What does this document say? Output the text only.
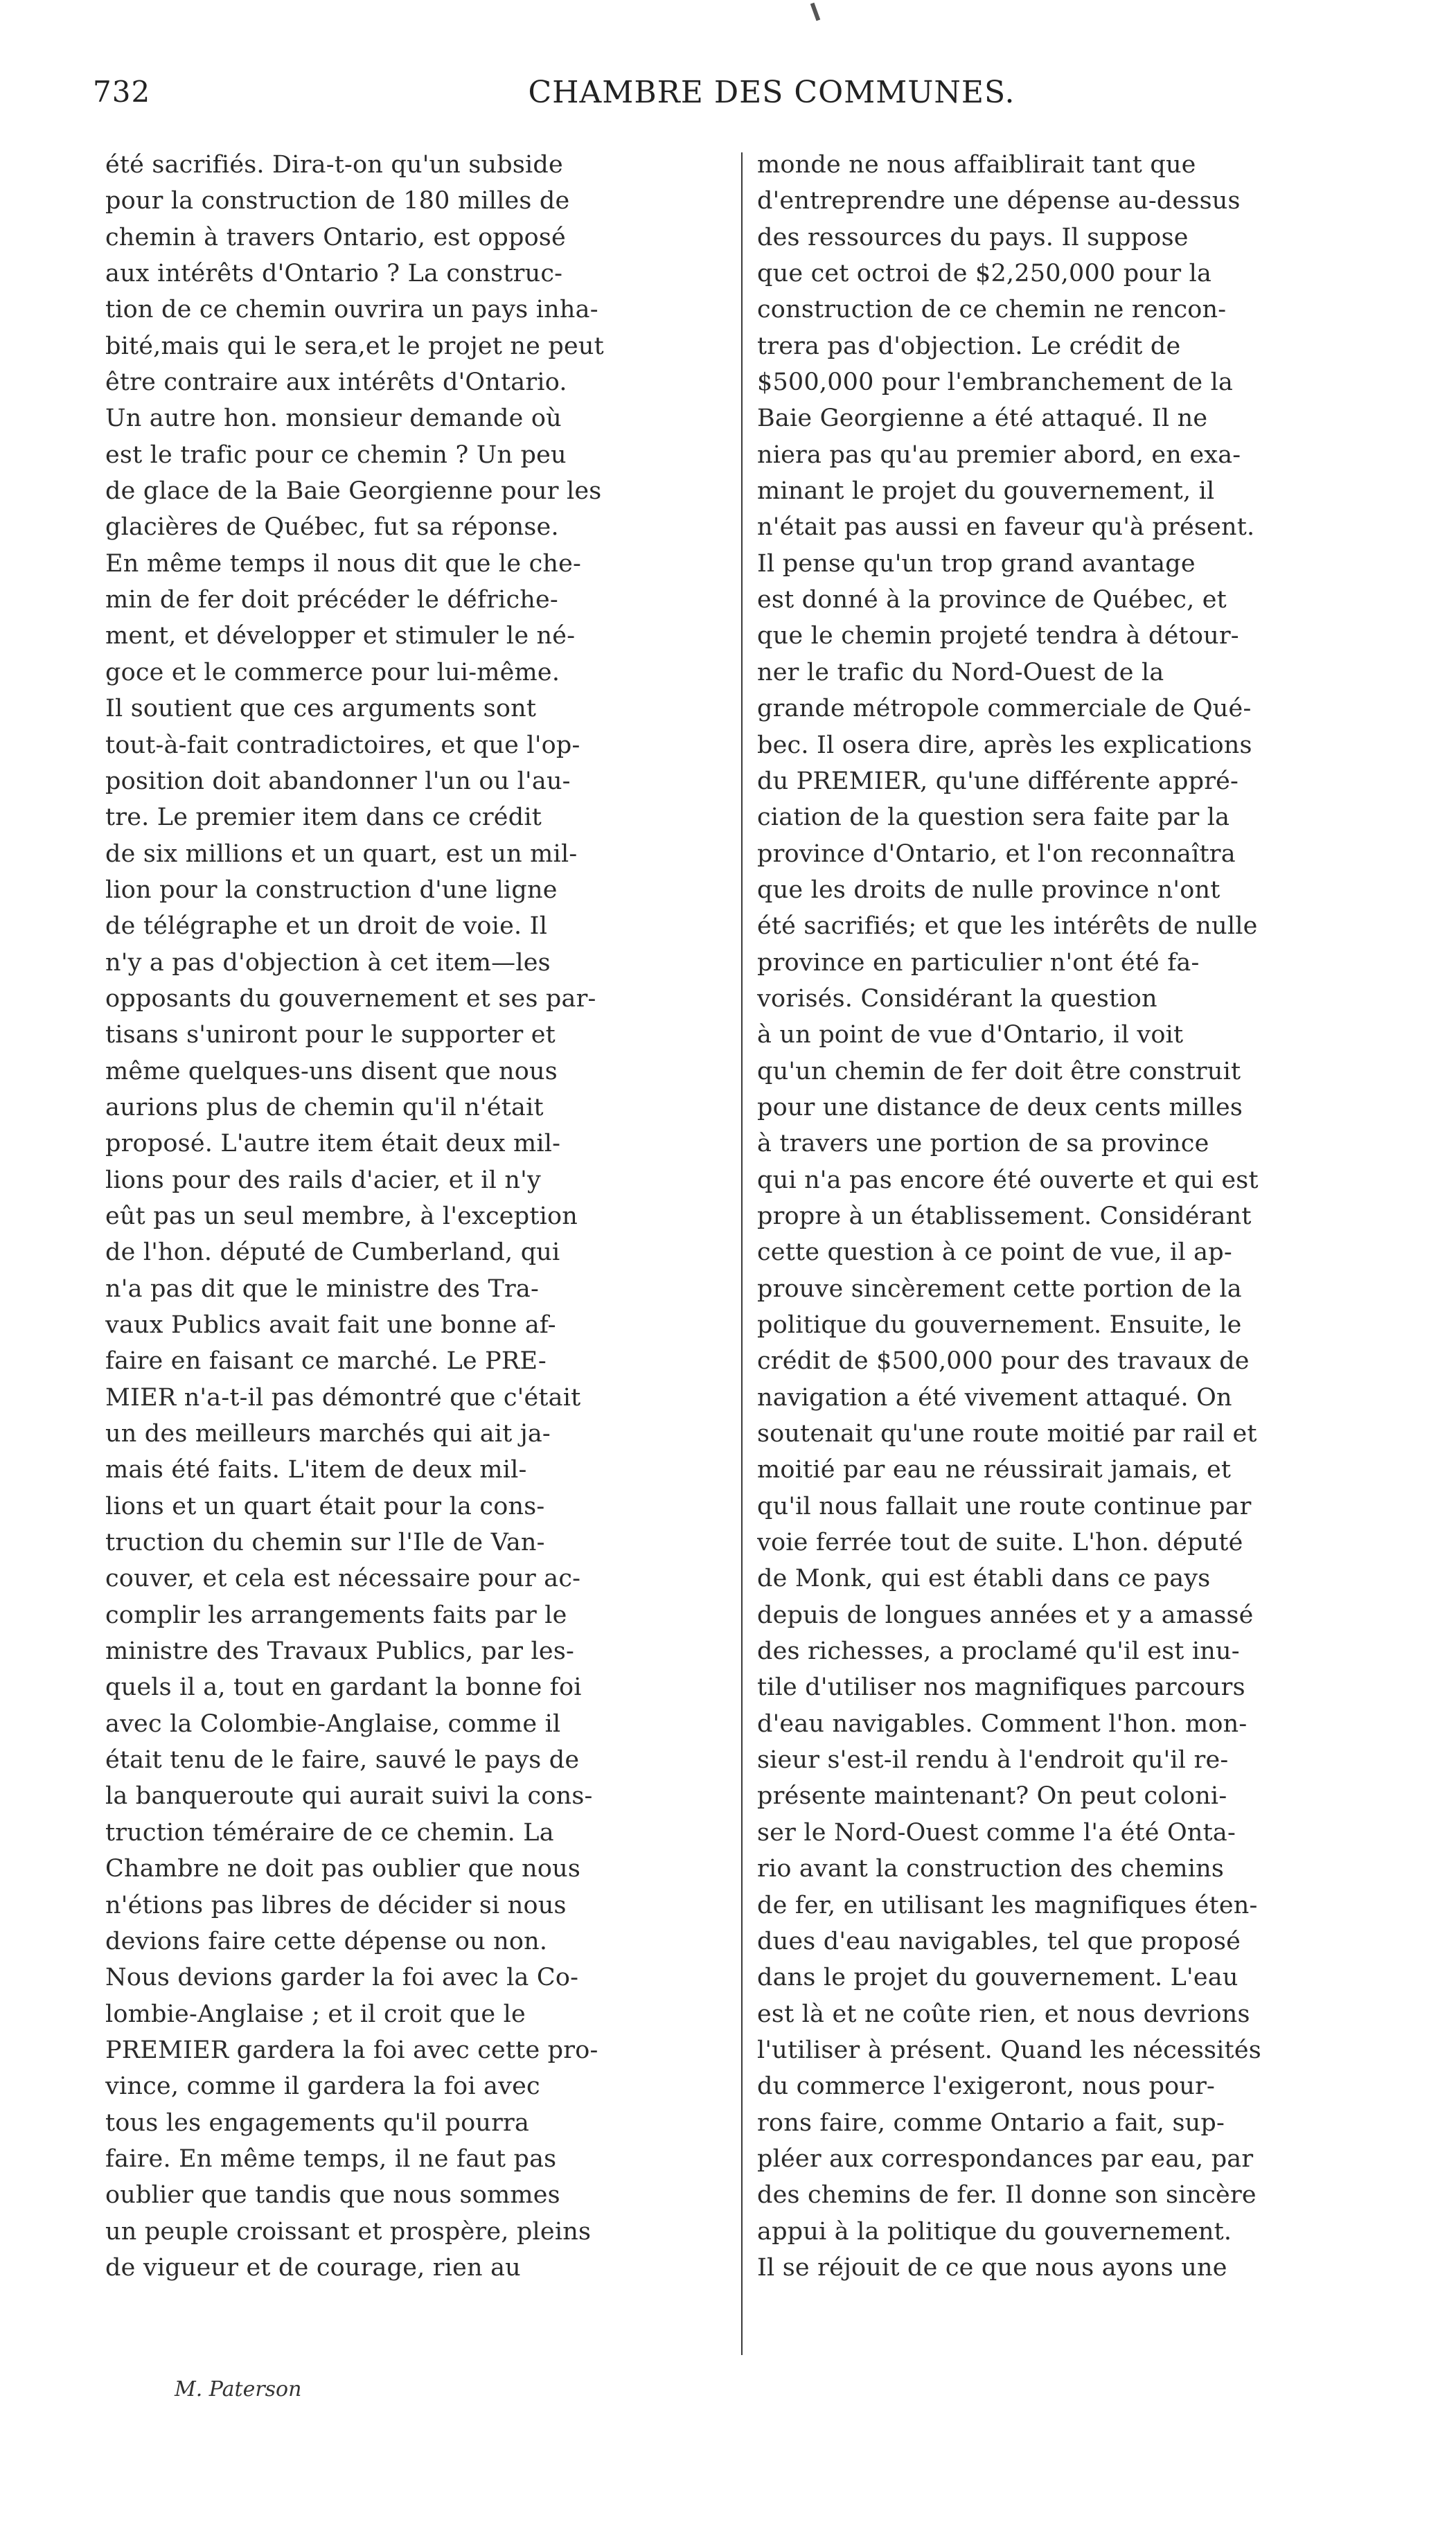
732	CHAMBRE DES COMMUNES.
été sacrifiés. Dira-t-on qu'un subside
pour la construction de 180 milles de
chemin à travers Ontario, est opposé
aux intérêts d'Ontario ? La construc-
tion de ce chemin ouvrira un pays inha-
bité,mais qui le sera,et le projet ne peut
être contraire aux intérêts d'Ontario.
Un autre hon. monsieur demande où
est le trafic pour ce chemin ? Un peu
de glace de la Baie Georgienne pour les
glacières de Québec, fut sa réponse.
En même temps il nous dit que le che-
min de fer doit précéder le défriche-
ment, et développer et stimuler le né-
goce et le commerce pour lui-même.
Il soutient que ces arguments sont
tout-à-fait contradictoires, et que l'op-
position doit abandonner l'un ou l'au-
tre. Le premier item dans ce crédit
de six millions et un quart, est un mil-
lion pour la construction d'une ligne
de télégraphe et un droit de voie. Il
n'y a pas d'objection à cet item—les
opposants du gouvernement et ses par-
tisans s'uniront pour le supporter et
même quelques-uns disent que nous
aurions plus de chemin qu'il n'était
proposé. L'autre item était deux mil-
lions pour des rails d'acier, et il n'y
eût pas un seul membre, à l'exception
de l'hon. député de Cumberland, qui
n'a pas dit que le ministre des Tra-
vaux Publics avait fait une bonne af-
faire en faisant ce marché. Le PRE-
MIER n'a-t-il pas démontré que c'était
un des meilleurs marchés qui ait ja-
mais été faits. L'item de deux mil-
lions et un quart était pour la cons-
truction du chemin sur l'Ile de Van-
couver, et cela est nécessaire pour ac-
complir les arrangements faits par le
ministre des Travaux Publics, par les-
quels il a, tout en gardant la bonne foi
avec la Colombie-Anglaise, comme il
était tenu de le faire, sauvé le pays de
la banqueroute qui aurait suivi la cons-
truction téméraire de ce chemin. La
Chambre ne doit pas oublier que nous
n'étions pas libres de décider si nous
devions faire cette dépense ou non.
Nous devions garder la foi avec la Co-
lombie-Anglaise ; et il croit que le
PREMIER gardera la foi avec cette pro-
vince, comme il gardera la foi avec
tous les engagements qu'il pourra
faire. En même temps, il ne faut pas
oublier que tandis que nous sommes
un peuple croissant et prospère, pleins
de vigueur et de courage, rien au
monde ne nous affaiblirait tant que
d'entreprendre une dépense au-dessus
des ressources du pays. Il suppose
que cet octroi de $2,250,000 pour la
construction de ce chemin ne rencon-
trera pas d'objection. Le crédit de
$500,000 pour l'embranchement de la
Baie Georgienne a été attaqué. Il ne
niera pas qu'au premier abord, en exa-
minant le projet du gouvernement, il
n'était pas aussi en faveur qu'à présent.
Il pense qu'un trop grand avantage
est donné à la province de Québec, et
que le chemin projeté tendra à détour-
ner le trafic du Nord-Ouest de la
grande métropole commerciale de Qué-
bec. Il osera dire, après les explications
du PREMIER, qu'une différente appré-
ciation de la question sera faite par la
province d'Ontario, et l'on reconnaîtra
que les droits de nulle province n'ont
été sacrifiés; et que les intérêts de nulle
province en particulier n'ont été fa-
vorisés. Considérant la question
à un point de vue d'Ontario, il voit
qu'un chemin de fer doit être construit
pour une distance de deux cents milles
à travers une portion de sa province
qui n'a pas encore été ouverte et qui est
propre à un établissement. Considérant
cette question à ce point de vue, il ap-
prouve sincèrement cette portion de la
politique du gouvernement. Ensuite, le
crédit de $500,000 pour des travaux de
navigation a été vivement attaqué. On
soutenait qu'une route moitié par rail et
moitié par eau ne réussirait jamais, et
qu'il nous fallait une route continue par
voie ferrée tout de suite. L'hon. député
de Monk, qui est établi dans ce pays
depuis de longues années et y a amassé
des richesses, a proclamé qu'il est inu-
tile d'utiliser nos magnifiques parcours
d'eau navigables. Comment l'hon. mon-
sieur s'est-il rendu à l'endroit qu'il re-
présente maintenant? On peut coloni-
ser le Nord-Ouest comme l'a été Onta-
rio avant la construction des chemins
de fer, en utilisant les magnifiques éten-
dues d'eau navigables, tel que proposé
dans le projet du gouvernement. L'eau
est là et ne coûte rien, et nous devrions
l'utiliser à présent. Quand les nécessités
du commerce l'exigeront, nous pour-
rons faire, comme Ontario a fait, sup-
pléer aux correspondances par eau, par
des chemins de fer. Il donne son sincère
appui à la politique du gouvernement.
Il se réjouit de ce que nous ayons une
M. Paterson
